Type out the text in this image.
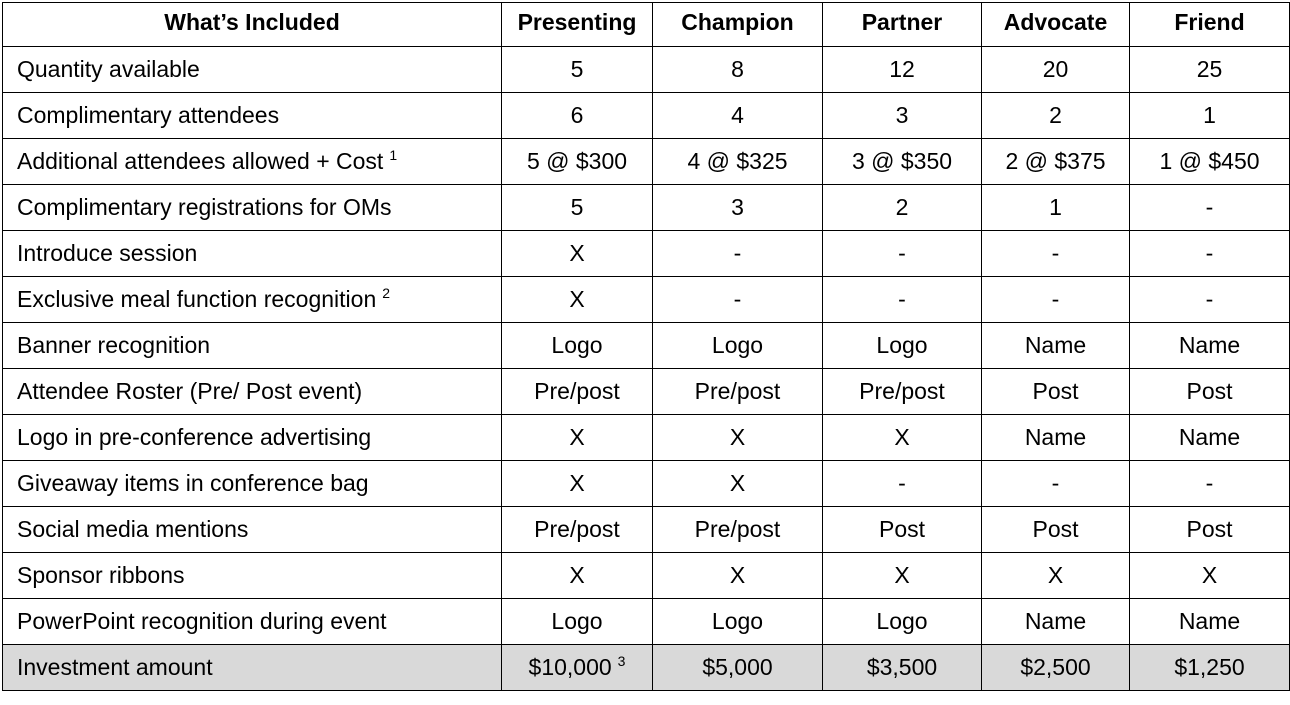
What’s Included	Presenting	Champion	Partner	Advocate	Friend
Quantity available	5	8	12	20	25
Complimentary attendees	6	4	3	2	1
Additional attendees allowed + Cost $^1$	5 @ $300	4 @ $325	3 @ $350	2 @ $375	1 @ $450
Complimentary registrations for OMs	5	3	2	1	-
Introduce session	X	-	-	-	-
Exclusive meal function recognition $^2$	X	-	-	-	-
Banner recognition	Logo	Logo	Logo	Name	Name
Attendee Roster (Pre/ Post event)	Pre/post	Pre/post	Pre/post	Post	Post
Logo in pre-conference advertising	X	X	X	Name	Name
Giveaway items in conference bag	X	X	-	-	-
Social media mentions	Pre/post	Pre/post	Post	Post	Post
Sponsor ribbons	X	X	X	X	X
PowerPoint recognition during event	Logo	Logo	Logo	Name	Name
Investment amount	$10,000 $^3$	$5,000	$3,500	$2,500	$1,250
